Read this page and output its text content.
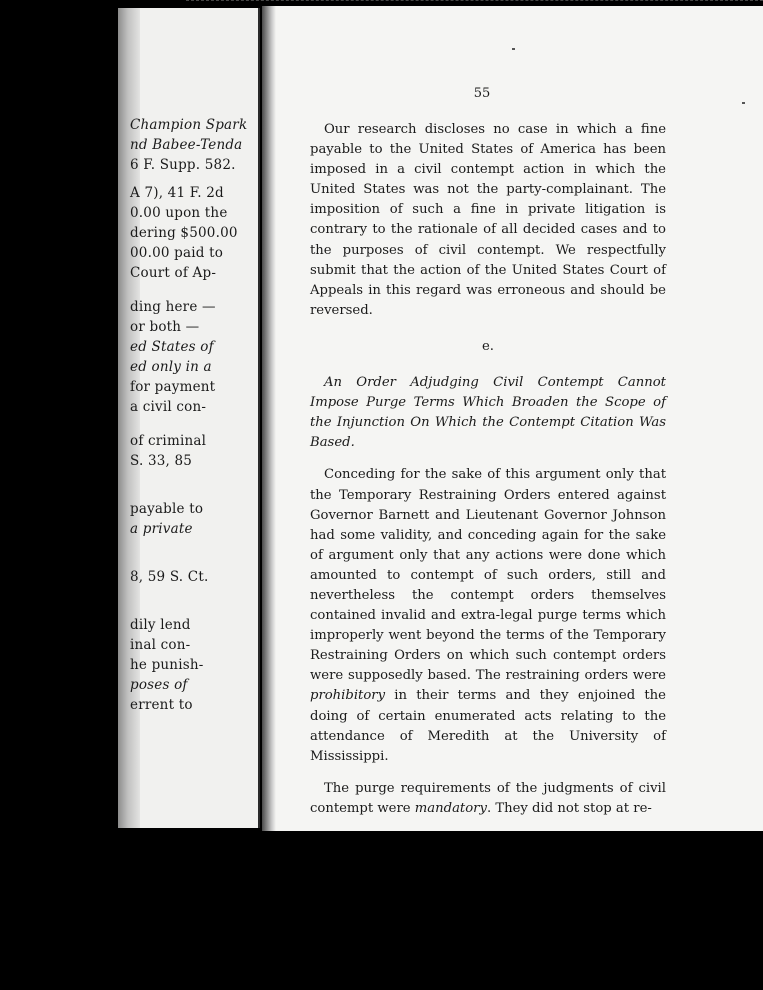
Champion Spark
nd Babee-Tenda
6 F. Supp. 582.
A 7), 41 F. 2d
0.00 upon the
dering $500.00
00.00 paid to
Court of Ap-
ding here —
or both —
ed States of
ed only in a
for payment
a civil con-
of criminal
S. 33, 85
payable to
a private
8, 59 S. Ct.
dily lend
inal con-
he punish-
poses of
errent to
55

Our research discloses no case in which a fine payable to the United States of America has been imposed in a civil contempt action in which the United States was not the party-complainant. The imposition of such a fine in private litigation is contrary to the rationale of all decided cases and to the purposes of civil contempt. We respectfully submit that the action of the United States Court of Appeals in this regard was erroneous and should be reversed.

e.

An Order Adjudging Civil Contempt Cannot Impose Purge Terms Which Broaden the Scope of the Injunction On Which the Contempt Citation Was Based.

Conceding for the sake of this argument only that the Temporary Restraining Orders entered against Governor Barnett and Lieutenant Governor Johnson had some validity, and conceding again for the sake of argument only that any actions were done which amounted to contempt of such orders, still and nevertheless the contempt orders themselves contained invalid and extra-legal purge terms which improperly went beyond the terms of the Temporary Restraining Orders on which such contempt orders were supposedly based. The restraining orders were prohibitory in their terms and they enjoined the doing of certain enumerated acts relating to the attendance of Meredith at the University of Mississippi.

The purge requirements of the judgments of civil contempt were mandatory. They did not stop at re-
